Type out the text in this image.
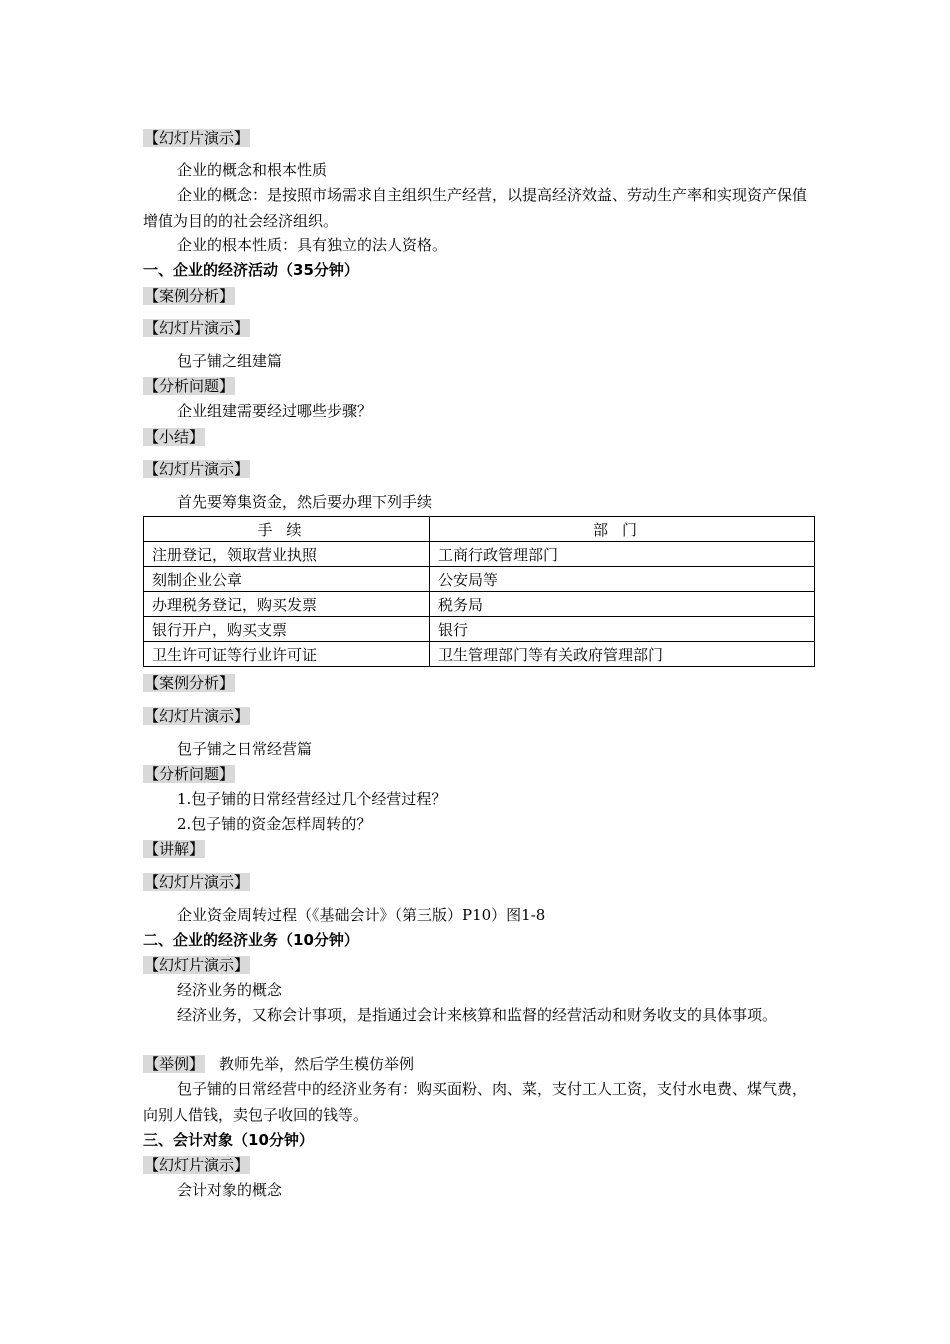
【幻灯片演示】
企业的概念和根本性质
企业的概念：是按照市场需求自主组织生产经营，以提高经济效益、劳动生产率和实现资产保值增值为目的的社会经济组织。
企业的根本性质：具有独立的法人资格。
一、企业的经济活动（35分钟）
【案例分析】
【幻灯片演示】
包子铺之组建篇
【分析问题】
企业组建需要经过哪些步骤？
【小结】
【幻灯片演示】
首先要筹集资金，然后要办理下列手续
手续	部门
注册登记，领取营业执照	工商行政管理部门
刻制企业公章	公安局等
办理税务登记，购买发票	税务局
银行开户，购买支票	银行
卫生许可证等行业许可证	卫生管理部门等有关政府管理部门
【案例分析】
【幻灯片演示】
包子铺之日常经营篇
【分析问题】
1.包子铺的日常经营经过几个经营过程？
2.包子铺的资金怎样周转的？
【讲解】
【幻灯片演示】
企业资金周转过程（《基础会计》（第三版）P10）图1-8
二、企业的经济业务（10分钟）
【幻灯片演示】
经济业务的概念
经济业务，又称会计事项，是指通过会计来核算和监督的经营活动和财务收支的具体事项。
【举例】 教师先举，然后学生模仿举例
包子铺的日常经营中的经济业务有：购买面粉、肉、菜，支付工人工资，支付水电费、煤气费，向别人借钱，卖包子收回的钱等。
三、会计对象（10分钟）
【幻灯片演示】
会计对象的概念
